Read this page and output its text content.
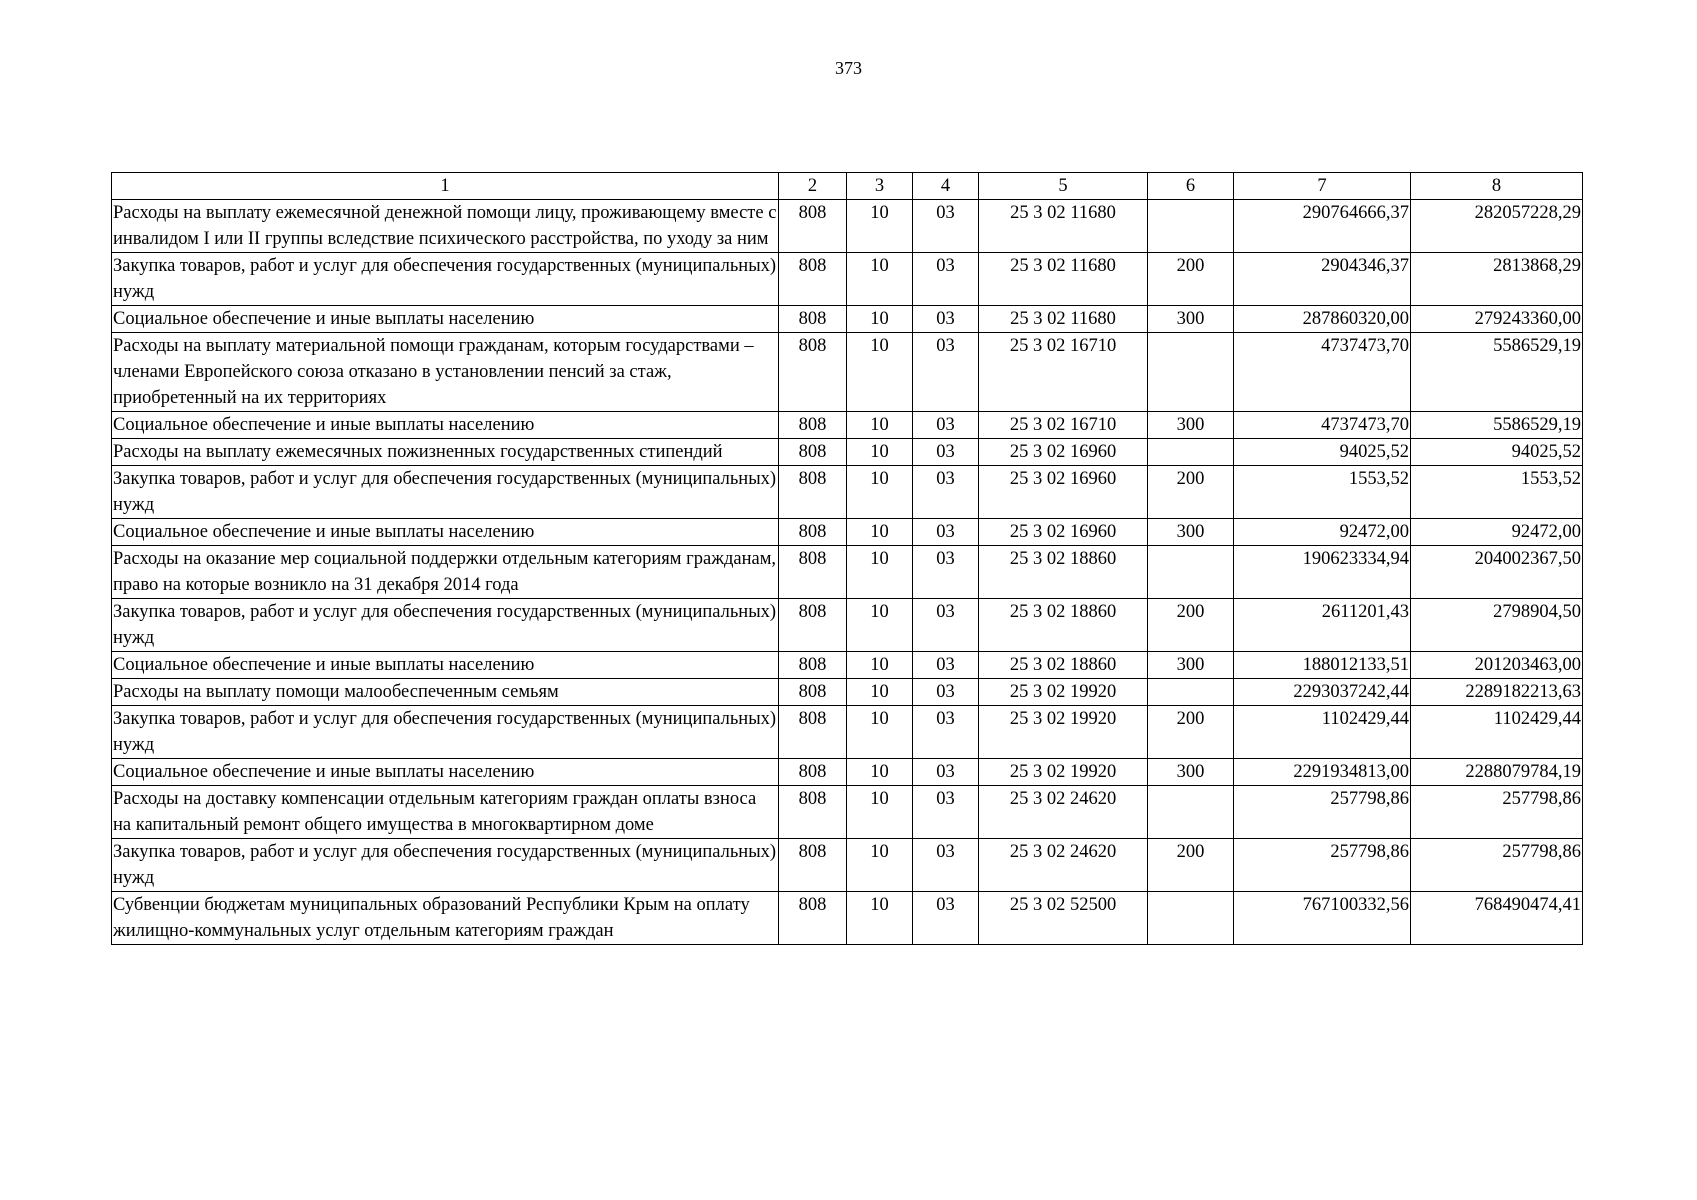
373
1	2	3	4	5	6	7	8
Расходы на выплату ежемесячной денежной помощи лицу, проживающему вместе с инвалидом I или II группы вследствие психического расстройства, по уходу за ним	808	10	03	25 3 02 11680		290764666,37	282057228,29
Закупка товаров, работ и услуг для обеспечения государственных (муниципальных) нужд	808	10	03	25 3 02 11680	200	2904346,37	2813868,29
Социальное обеспечение и иные выплаты населению	808	10	03	25 3 02 11680	300	287860320,00	279243360,00
Расходы на выплату материальной помощи гражданам, которым государствами – членами Европейского союза отказано в установлении пенсий за стаж, приобретенный на их территориях	808	10	03	25 3 02 16710		4737473,70	5586529,19
Социальное обеспечение и иные выплаты населению	808	10	03	25 3 02 16710	300	4737473,70	5586529,19
Расходы на выплату ежемесячных пожизненных государственных стипендий	808	10	03	25 3 02 16960		94025,52	94025,52
Закупка товаров, работ и услуг для обеспечения государственных (муниципальных) нужд	808	10	03	25 3 02 16960	200	1553,52	1553,52
Социальное обеспечение и иные выплаты населению	808	10	03	25 3 02 16960	300	92472,00	92472,00
Расходы на оказание мер социальной поддержки отдельным категориям гражданам, право на которые возникло на 31 декабря 2014 года	808	10	03	25 3 02 18860		190623334,94	204002367,50
Закупка товаров, работ и услуг для обеспечения государственных (муниципальных) нужд	808	10	03	25 3 02 18860	200	2611201,43	2798904,50
Социальное обеспечение и иные выплаты населению	808	10	03	25 3 02 18860	300	188012133,51	201203463,00
Расходы на выплату помощи малообеспеченным семьям	808	10	03	25 3 02 19920		2293037242,44	2289182213,63
Закупка товаров, работ и услуг для обеспечения государственных (муниципальных) нужд	808	10	03	25 3 02 19920	200	1102429,44	1102429,44
Социальное обеспечение и иные выплаты населению	808	10	03	25 3 02 19920	300	2291934813,00	2288079784,19
Расходы на доставку компенсации отдельным категориям граждан оплаты взноса на капитальный ремонт общего имущества в многоквартирном доме	808	10	03	25 3 02 24620		257798,86	257798,86
Закупка товаров, работ и услуг для обеспечения государственных (муниципальных) нужд	808	10	03	25 3 02 24620	200	257798,86	257798,86
Субвенции бюджетам муниципальных образований Республики Крым на оплату жилищно-коммунальных услуг отдельным категориям граждан	808	10	03	25 3 02 52500		767100332,56	768490474,41
